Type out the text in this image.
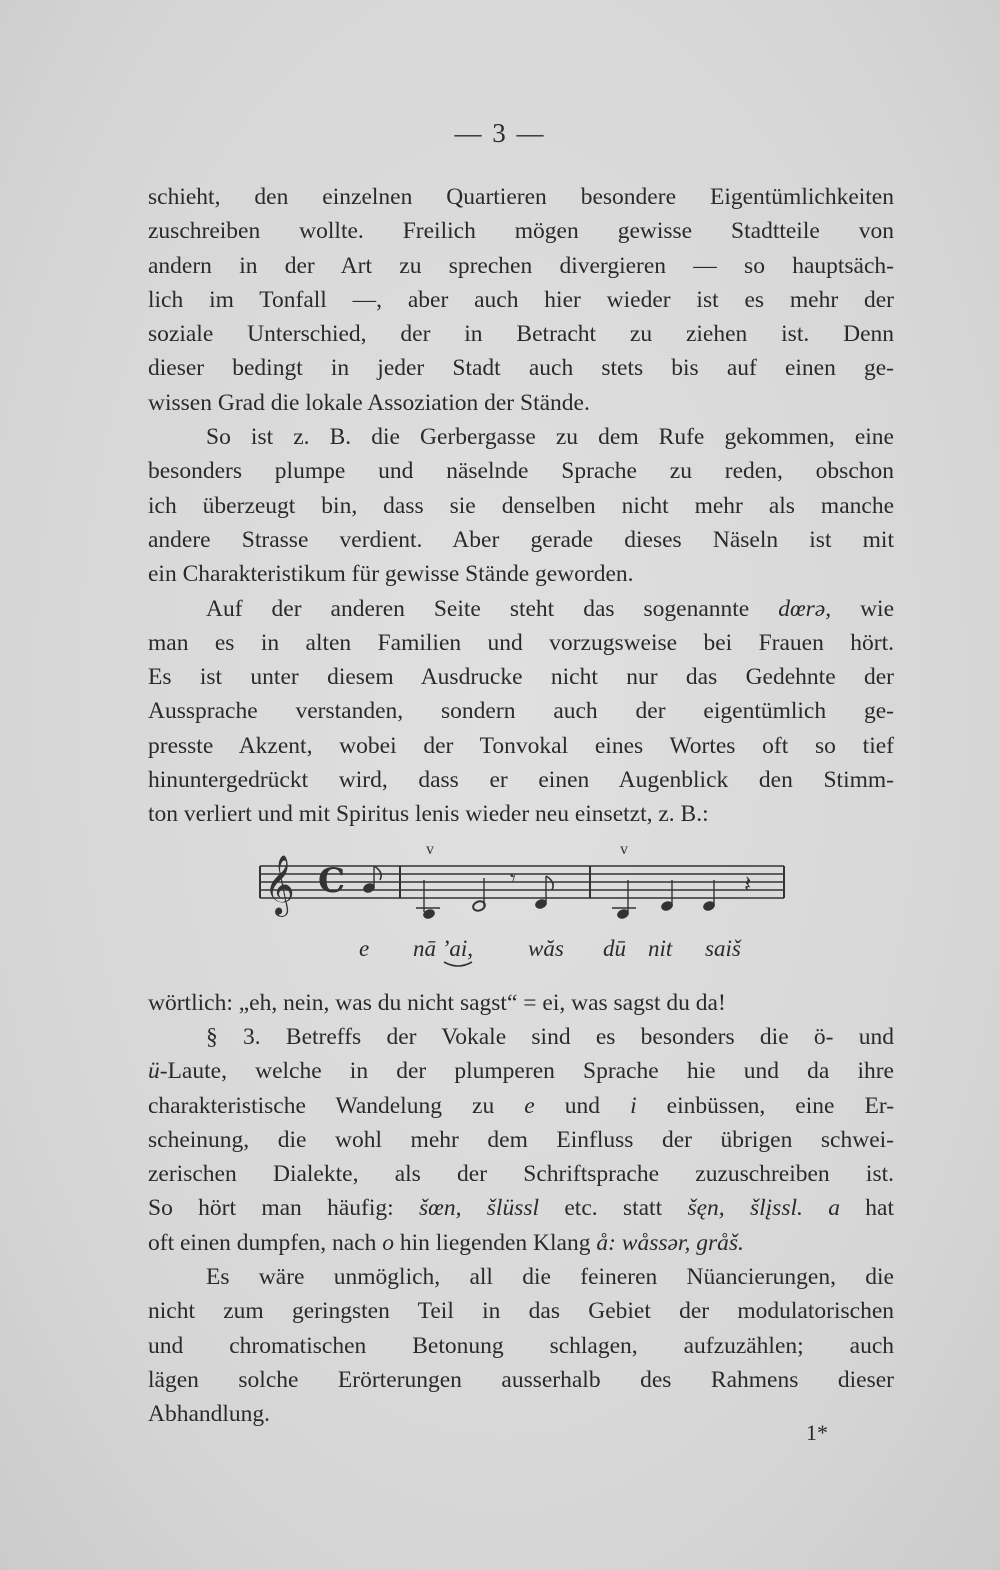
— 3 —

schieht, den einzelnen Quartieren besondere Eigentümlichkeiten

zuschreiben wollte. Freilich mögen gewisse Stadtteile von

andern in der Art zu sprechen divergieren — so hauptsäch-

lich im Tonfall —, aber auch hier wieder ist es mehr der

soziale Unterschied, der in Betracht zu ziehen ist. Denn

dieser bedingt in jeder Stadt auch stets bis auf einen ge-

wissen Grad die lokale Assoziation der Stände.

So ist z. B. die Gerbergasse zu dem Rufe gekommen, eine

besonders plumpe und näselnde Sprache zu reden, obschon

ich überzeugt bin, dass sie denselben nicht mehr als manche

andere Strasse verdient. Aber gerade dieses Näseln ist mit

ein Charakteristikum für gewisse Stände geworden.

Auf der anderen Seite steht das sogenannte dœrə, wie

man es in alten Familien und vorzugsweise bei Frauen hört.

Es ist unter diesem Ausdrucke nicht nur das Gedehnte der

Aussprache verstanden, sondern auch der eigentümlich ge-

presste Akzent, wobei der Tonvokal eines Wortes oft so tief

hinuntergedrückt wird, dass er einen Augenblick den Stimm-

ton verliert und mit Spiritus lenis wieder neu einsetzt, z. B.:

𝄞 C	𝄾	𝄽
v	v
e nā ’ai, wăs dū nit saiš

wörtlich: „eh, nein, was du nicht sagst“ = ei, was sagst du da!

§ 3. Betreffs der Vokale sind es besonders die ö- und

ü-Laute, welche in der plumperen Sprache hie und da ihre

charakteristische Wandelung zu e und i einbüssen, eine Er-

scheinung, die wohl mehr dem Einfluss der übrigen schwei-

zerischen Dialekte, als der Schriftsprache zuzuschreiben ist.

So hört man häufig: šœn, šlüssl etc. statt šęn, šlįssl. a hat

oft einen dumpfen, nach o hin liegenden Klang å: wåssər, gråš.

Es wäre unmöglich, all die feineren Nüancierungen, die

nicht zum geringsten Teil in das Gebiet der modulatorischen

und chromatischen Betonung schlagen, aufzuzählen; auch

lägen solche Erörterungen ausserhalb des Rahmens dieser

Abhandlung.

1*
